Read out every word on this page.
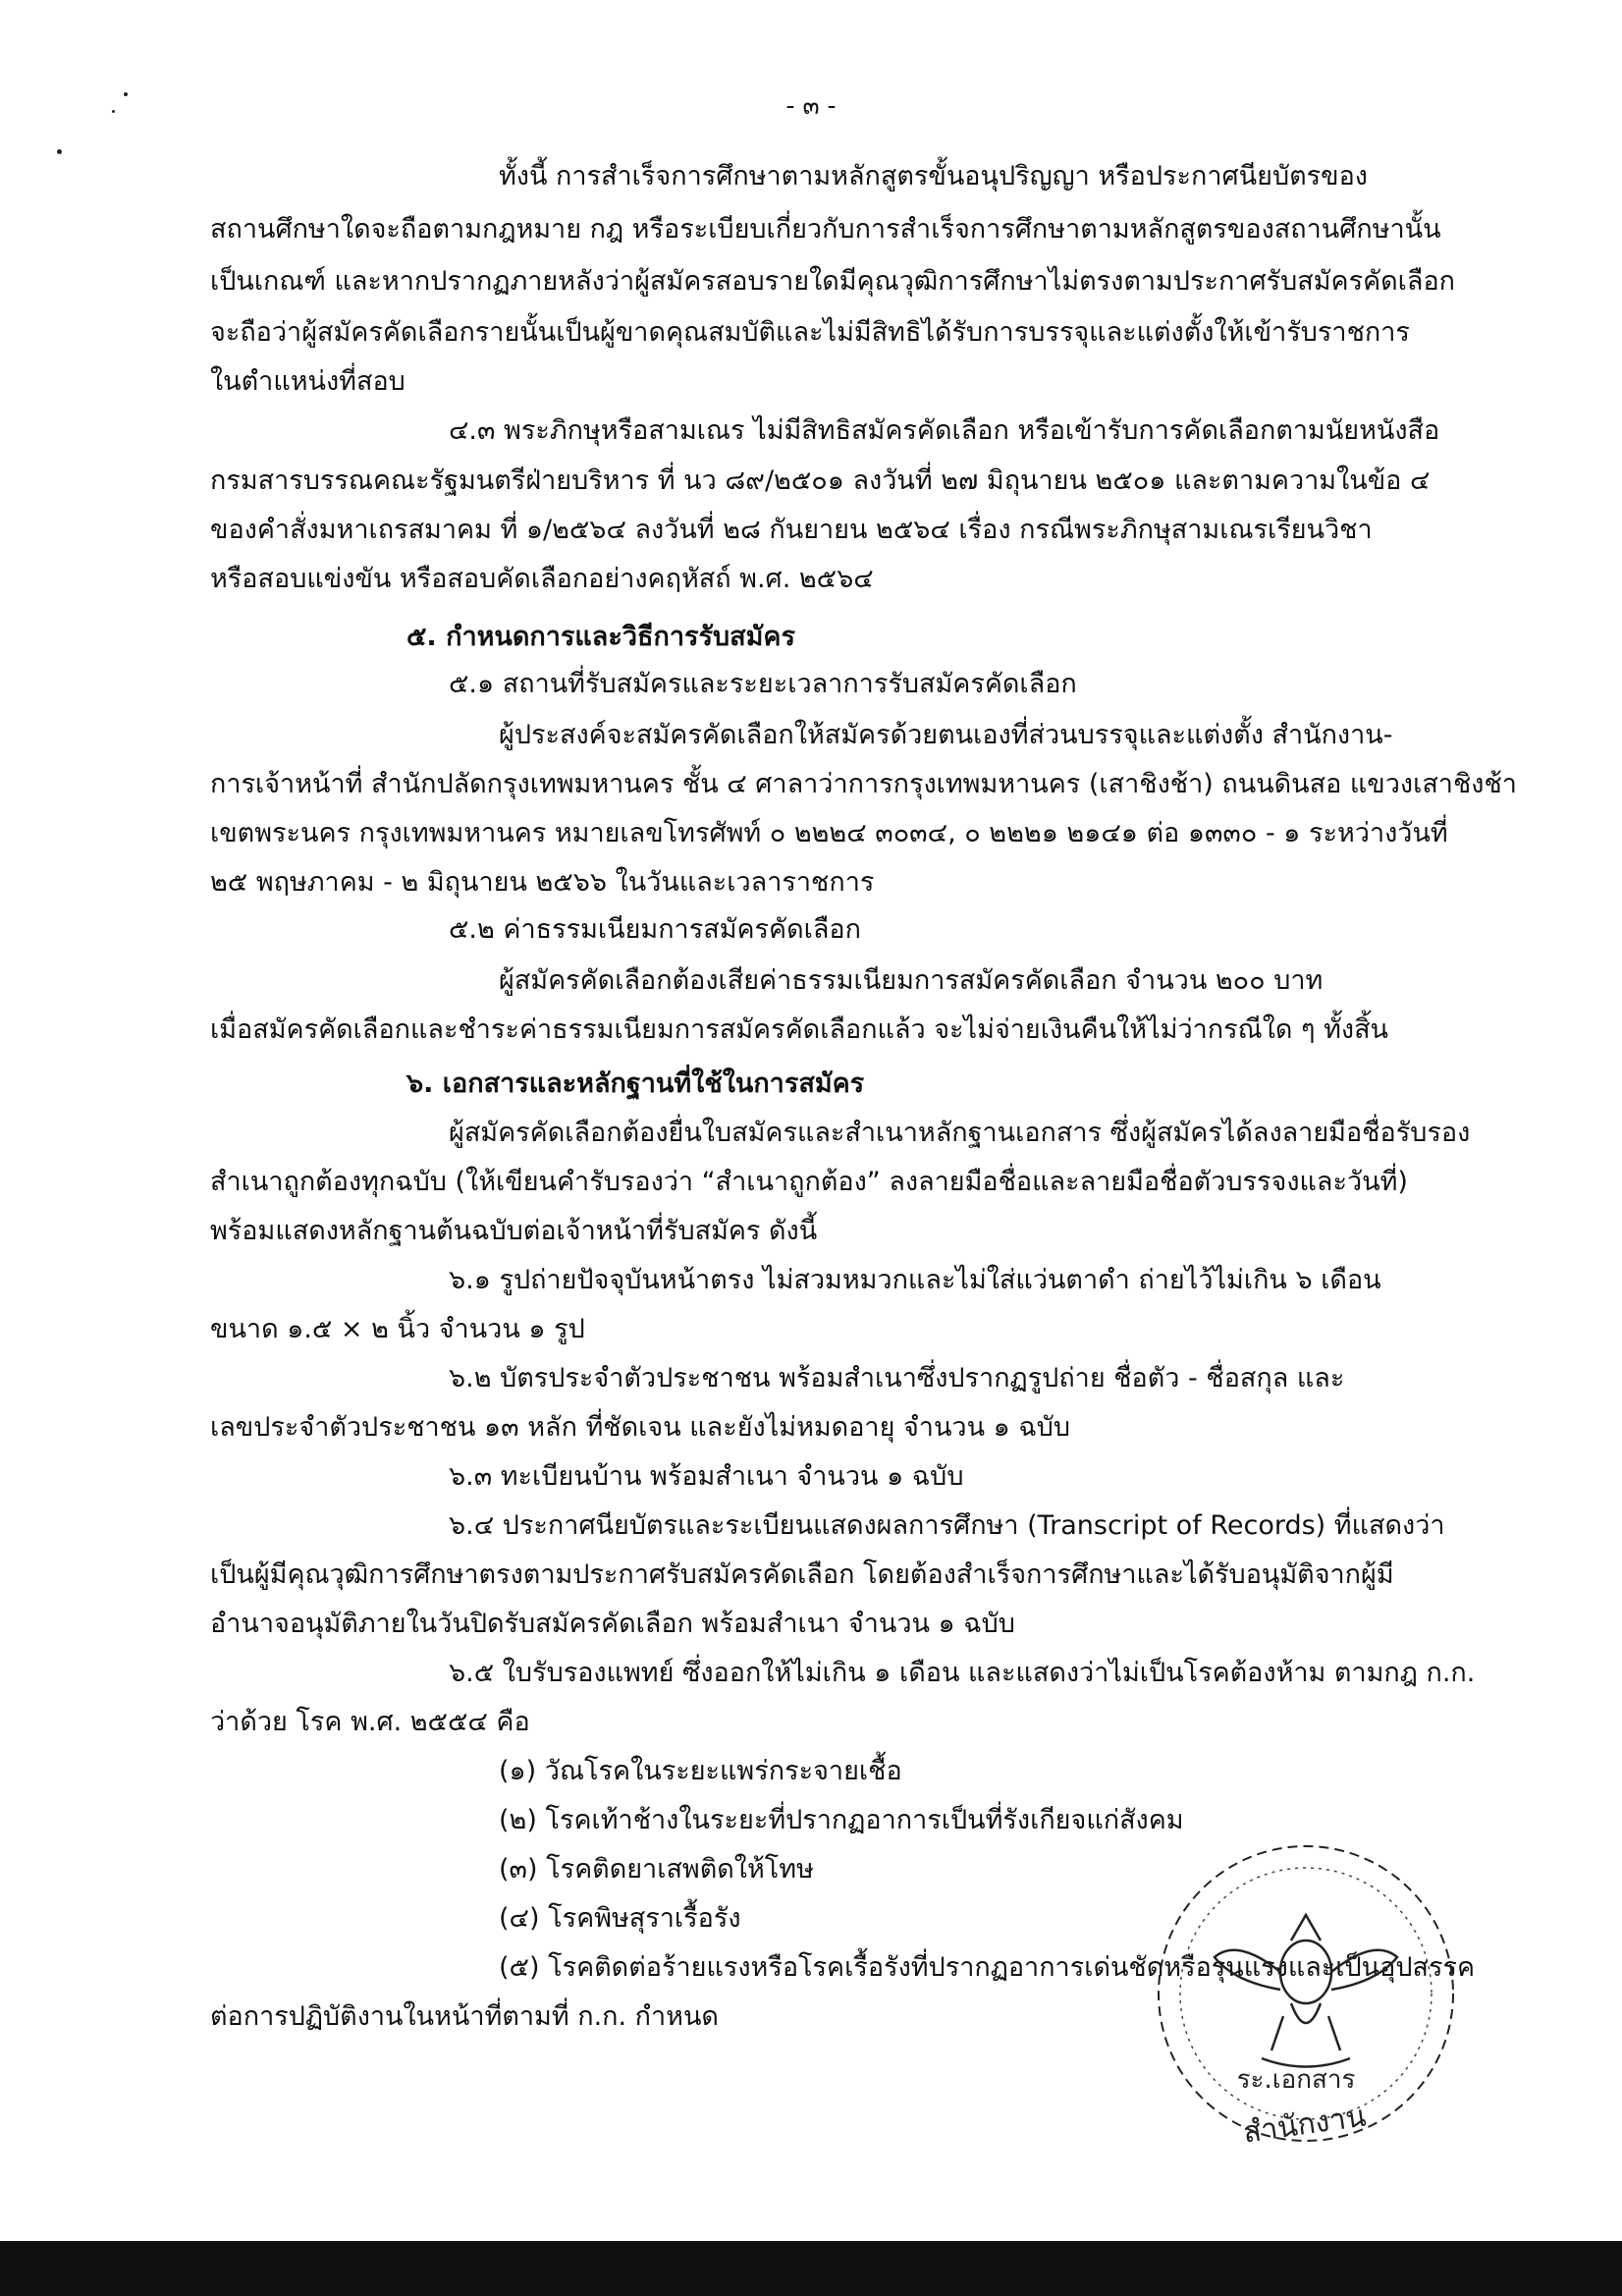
- ๓ -
ทั้งนี้ การสำเร็จการศึกษาตามหลักสูตรขั้นอนุปริญญา หรือประกาศนียบัตรของ
สถานศึกษาใดจะถือตามกฎหมาย กฎ หรือระเบียบเกี่ยวกับการสำเร็จการศึกษาตามหลักสูตรของสถานศึกษานั้น
เป็นเกณฑ์ และหากปรากฏภายหลังว่าผู้สมัครสอบรายใดมีคุณวุฒิการศึกษาไม่ตรงตามประกาศรับสมัครคัดเลือก
จะถือว่าผู้สมัครคัดเลือกรายนั้นเป็นผู้ขาดคุณสมบัติและไม่มีสิทธิได้รับการบรรจุและแต่งตั้งให้เข้ารับราชการ
ในตำแหน่งที่สอบ
๔.๓ พระภิกษุหรือสามเณร ไม่มีสิทธิสมัครคัดเลือก หรือเข้ารับการคัดเลือกตามนัยหนังสือ
กรมสารบรรณคณะรัฐมนตรีฝ่ายบริหาร ที่ นว ๘๙/๒๕๐๑ ลงวันที่ ๒๗ มิถุนายน ๒๕๐๑ และตามความในข้อ ๔
ของคำสั่งมหาเถรสมาคม ที่ ๑/๒๕๖๔ ลงวันที่ ๒๘ กันยายน ๒๕๖๔ เรื่อง กรณีพระภิกษุสามเณรเรียนวิชา
หรือสอบแข่งขัน หรือสอบคัดเลือกอย่างคฤหัสถ์ พ.ศ. ๒๕๖๔
๕. กำหนดการและวิธีการรับสมัคร
๕.๑ สถานที่รับสมัครและระยะเวลาการรับสมัครคัดเลือก
ผู้ประสงค์จะสมัครคัดเลือกให้สมัครด้วยตนเองที่ส่วนบรรจุและแต่งตั้ง สำนักงาน-
การเจ้าหน้าที่ สำนักปลัดกรุงเทพมหานคร ชั้น ๔ ศาลาว่าการกรุงเทพมหานคร (เสาชิงช้า) ถนนดินสอ แขวงเสาชิงช้า
เขตพระนคร กรุงเทพมหานคร หมายเลขโทรศัพท์ ๐ ๒๒๒๔ ๓๐๓๔, ๐ ๒๒๒๑ ๒๑๔๑ ต่อ ๑๓๓๐ - ๑ ระหว่างวันที่
๒๕ พฤษภาคม - ๒ มิถุนายน ๒๕๖๖ ในวันและเวลาราชการ
๕.๒ ค่าธรรมเนียมการสมัครคัดเลือก
ผู้สมัครคัดเลือกต้องเสียค่าธรรมเนียมการสมัครคัดเลือก จำนวน ๒๐๐ บาท
เมื่อสมัครคัดเลือกและชำระค่าธรรมเนียมการสมัครคัดเลือกแล้ว จะไม่จ่ายเงินคืนให้ไม่ว่ากรณีใด ๆ ทั้งสิ้น
๖. เอกสารและหลักฐานที่ใช้ในการสมัคร
ผู้สมัครคัดเลือกต้องยื่นใบสมัครและสำเนาหลักฐานเอกสาร ซึ่งผู้สมัครได้ลงลายมือชื่อรับรอง
สำเนาถูกต้องทุกฉบับ (ให้เขียนคำรับรองว่า “สำเนาถูกต้อง” ลงลายมือชื่อและลายมือชื่อตัวบรรจงและวันที่)
พร้อมแสดงหลักฐานต้นฉบับต่อเจ้าหน้าที่รับสมัคร ดังนี้
๖.๑ รูปถ่ายปัจจุบันหน้าตรง ไม่สวมหมวกและไม่ใส่แว่นตาดำ ถ่ายไว้ไม่เกิน ๖ เดือน
ขนาด ๑.๕ × ๒ นิ้ว จำนวน ๑ รูป
๖.๒ บัตรประจำตัวประชาชน พร้อมสำเนาซึ่งปรากฏรูปถ่าย ชื่อตัว - ชื่อสกุล และ
เลขประจำตัวประชาชน ๑๓ หลัก ที่ชัดเจน และยังไม่หมดอายุ จำนวน ๑ ฉบับ
๖.๓ ทะเบียนบ้าน พร้อมสำเนา จำนวน ๑ ฉบับ
๖.๔ ประกาศนียบัตรและระเบียนแสดงผลการศึกษา (Transcript of Records) ที่แสดงว่า
เป็นผู้มีคุณวุฒิการศึกษาตรงตามประกาศรับสมัครคัดเลือก โดยต้องสำเร็จการศึกษาและได้รับอนุมัติจากผู้มี
อำนาจอนุมัติภายในวันปิดรับสมัครคัดเลือก พร้อมสำเนา จำนวน ๑ ฉบับ
๖.๕ ใบรับรองแพทย์ ซึ่งออกให้ไม่เกิน ๑ เดือน และแสดงว่าไม่เป็นโรคต้องห้าม ตามกฎ ก.ก.
ว่าด้วย โรค พ.ศ. ๒๕๕๔ คือ
(๑) วัณโรคในระยะแพร่กระจายเชื้อ
(๒) โรคเท้าช้างในระยะที่ปรากฏอาการเป็นที่รังเกียจแก่สังคม
(๓) โรคติดยาเสพติดให้โทษ
(๔) โรคพิษสุราเรื้อรัง
(๕) โรคติดต่อร้ายแรงหรือโรคเรื้อรังที่ปรากฏอาการเด่นชัดหรือรุนแรงและเป็นอุปสรรค
ต่อการปฏิบัติงานในหน้าที่ตามที่ ก.ก. กำหนด
ระ.เอกสาร
สำนักงาน
